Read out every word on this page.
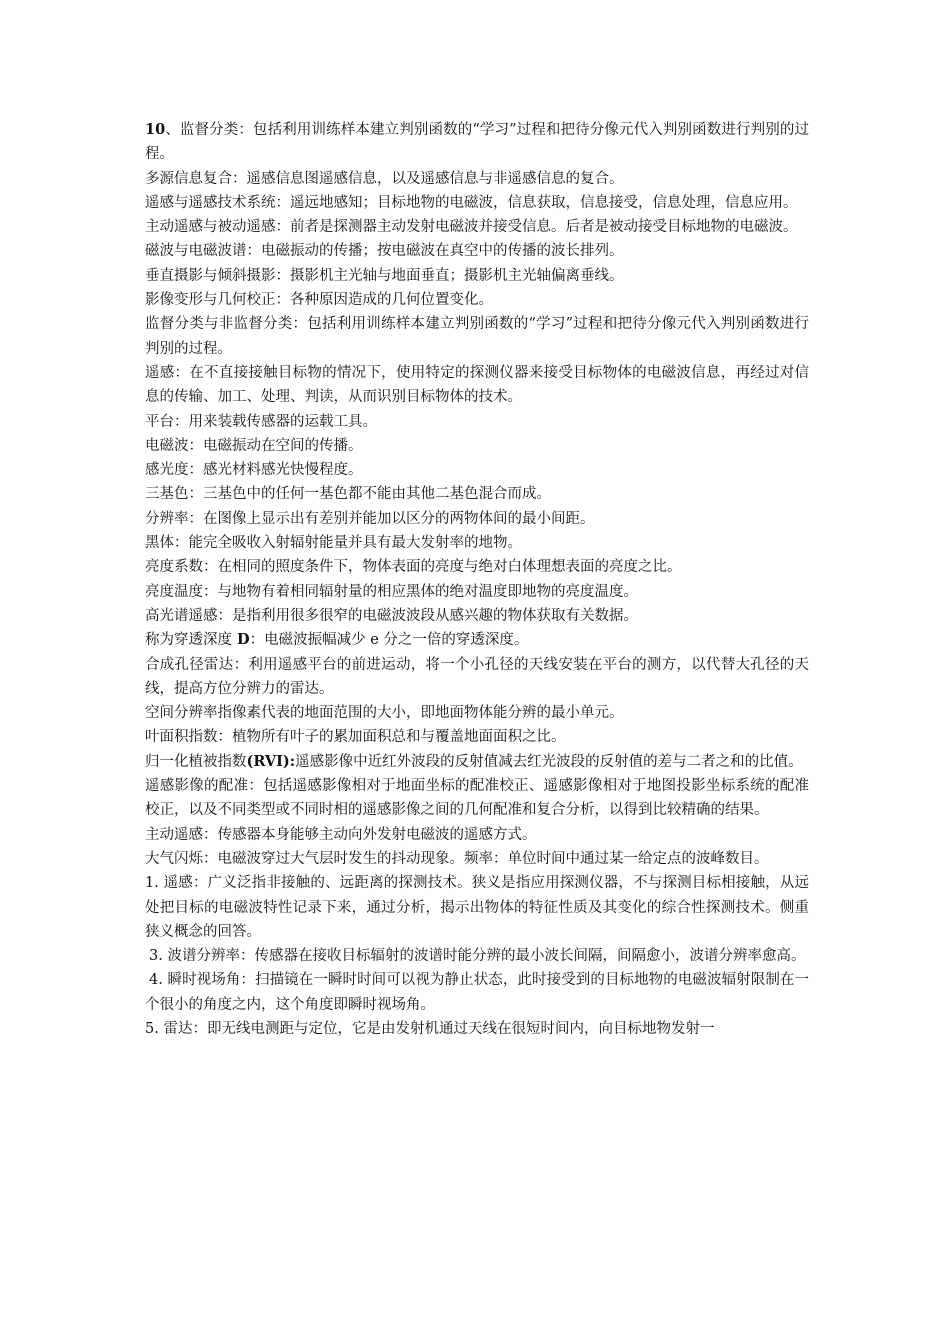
10、监督分类：包括利用训练样本建立判别函数的“学习”过程和把待分像元代入判别函数进行判别的过程。

多源信息复合：遥感信息图遥感信息，以及遥感信息与非遥感信息的复合。

遥感与遥感技术系统：遥远地感知；目标地物的电磁波，信息获取，信息接受，信息处理，信息应用。

主动遥感与被动遥感：前者是探测器主动发射电磁波并接受信息。后者是被动接受目标地物的电磁波。

磁波与电磁波谱：电磁振动的传播；按电磁波在真空中的传播的波长排列。

垂直摄影与倾斜摄影：摄影机主光轴与地面垂直；摄影机主光轴偏离垂线。

影像变形与几何校正：各种原因造成的几何位置变化。

监督分类与非监督分类：包括利用训练样本建立判别函数的“学习”过程和把待分像元代入判别函数进行判别的过程。

遥感：在不直接接触目标物的情况下，使用特定的探测仪器来接受目标物体的电磁波信息，再经过对信息的传输、加工、处理、判读，从而识别目标物体的技术。

平台：用来装载传感器的运载工具。

电磁波：电磁振动在空间的传播。

感光度：感光材料感光快慢程度。

三基色：三基色中的任何一基色都不能由其他二基色混合而成。

分辨率：在图像上显示出有差别并能加以区分的两物体间的最小间距。

黑体：能完全吸收入射辐射能量并具有最大发射率的地物。

亮度系数：在相同的照度条件下，物体表面的亮度与绝对白体理想表面的亮度之比。

亮度温度：与地物有着相同辐射量的相应黑体的绝对温度即地物的亮度温度。

高光谱遥感：是指利用很多很窄的电磁波波段从感兴趣的物体获取有关数据。

称为穿透深度 D：电磁波振幅减少 e 分之一倍的穿透深度。

合成孔径雷达：利用遥感平台的前进运动，将一个小孔径的天线安装在平台的测方，以代替大孔径的天线，提高方位分辨力的雷达。

空间分辨率指像素代表的地面范围的大小，即地面物体能分辨的最小单元。

叶面积指数：植物所有叶子的累加面积总和与覆盖地面面积之比。

归一化植被指数(RVI):遥感影像中近红外波段的反射值减去红光波段的反射值的差与二者之和的比值。

遥感影像的配准：包括遥感影像相对于地面坐标的配准校正、遥感影像相对于地图投影坐标系统的配准校正，以及不同类型或不同时相的遥感影像之间的几何配准和复合分析，以得到比较精确的结果。

主动遥感：传感器本身能够主动向外发射电磁波的遥感方式。

大气闪烁：电磁波穿过大气层时发生的抖动现象。频率：单位时间中通过某一给定点的波峰数目。

1. 遥感：广义泛指非接触的、远距离的探测技术。狭义是指应用探测仪器，不与探测目标相接触，从远处把目标的电磁波特性记录下来，通过分析，揭示出物体的特征性质及其变化的综合性探测技术。侧重狭义概念的回答。

3. 波谱分辨率：传感器在接收目标辐射的波谱时能分辨的最小波长间隔，间隔愈小，波谱分辨率愈高。

4. 瞬时视场角：扫描镜在一瞬时时间可以视为静止状态，此时接受到的目标地物的电磁波辐射限制在一个很小的角度之内，这个角度即瞬时视场角。

5. 雷达：即无线电测距与定位，它是由发射机通过天线在很短时间内，向目标地物发射一
